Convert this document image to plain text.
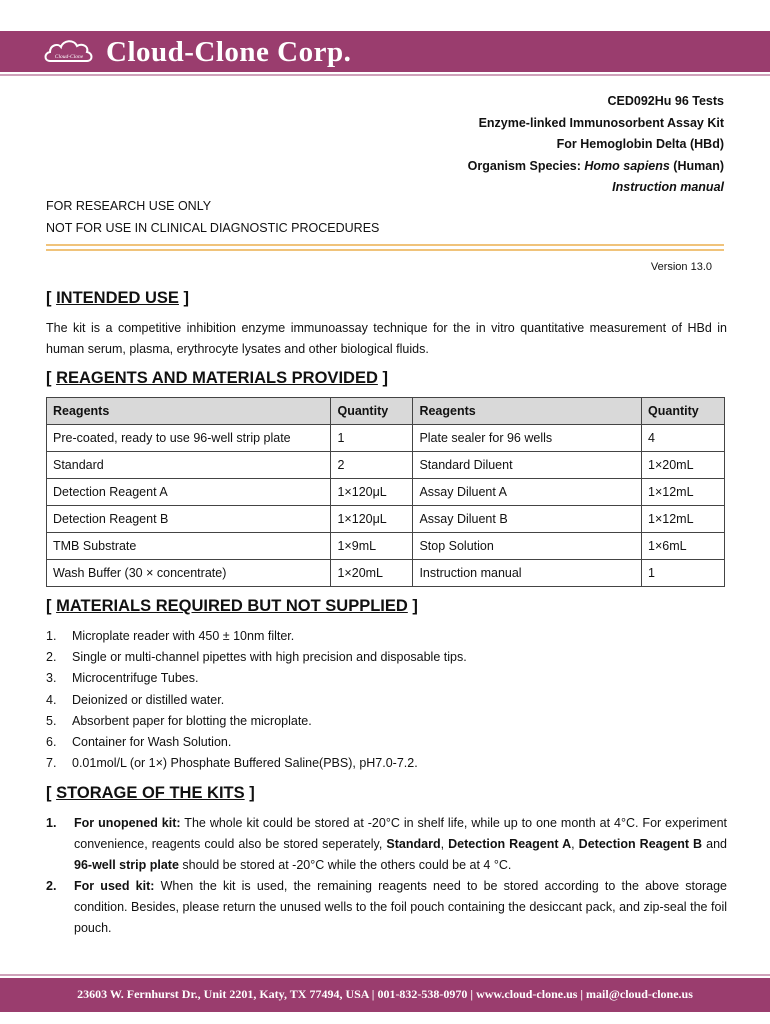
Cloud-Clone Cloud-Clone Corp.
CED092Hu 96 Tests
Enzyme-linked Immunosorbent Assay Kit
For Hemoglobin Delta (HBd)
Organism Species: Homo sapiens (Human)
Instruction manual
FOR RESEARCH USE ONLY
NOT FOR USE IN CLINICAL DIAGNOSTIC PROCEDURES
Version 13.0
[ INTENDED USE ]
The kit is a competitive inhibition enzyme immunoassay technique for the in vitro quantitative measurement of HBd in human serum, plasma, erythrocyte lysates and other biological fluids.
[ REAGENTS AND MATERIALS PROVIDED ]
Reagents	Quantity	Reagents	Quantity
Pre-coated, ready to use 96-well strip plate	1	Plate sealer for 96 wells	4
Standard	2	Standard Diluent	1×20mL
Detection Reagent A	1×120μL	Assay Diluent A	1×12mL
Detection Reagent B	1×120μL	Assay Diluent B	1×12mL
TMB Substrate	1×9mL	Stop Solution	1×6mL
Wash Buffer (30 × concentrate)	1×20mL	Instruction manual	1
[ MATERIALS REQUIRED BUT NOT SUPPLIED ]
1. Microplate reader with 450 ± 10nm filter.
2. Single or multi-channel pipettes with high precision and disposable tips.
3. Microcentrifuge Tubes.
4. Deionized or distilled water.
5. Absorbent paper for blotting the microplate.
6. Container for Wash Solution.
7. 0.01mol/L (or 1×) Phosphate Buffered Saline(PBS), pH7.0-7.2.
[ STORAGE OF THE KITS ]
1. For unopened kit: The whole kit could be stored at -20°C in shelf life, while up to one month at 4°C. For experiment convenience, reagents could also be stored seperately, Standard, Detection Reagent A, Detection Reagent B and 96-well strip plate should be stored at -20°C while the others could be at 4 °C.
2. For used kit: When the kit is used, the remaining reagents need to be stored according to the above storage condition. Besides, please return the unused wells to the foil pouch containing the desiccant pack, and zip-seal the foil pouch.
23603 W. Fernhurst Dr., Unit 2201, Katy, TX 77494, USA | 001-832-538-0970 | www.cloud-clone.us | mail@cloud-clone.us
